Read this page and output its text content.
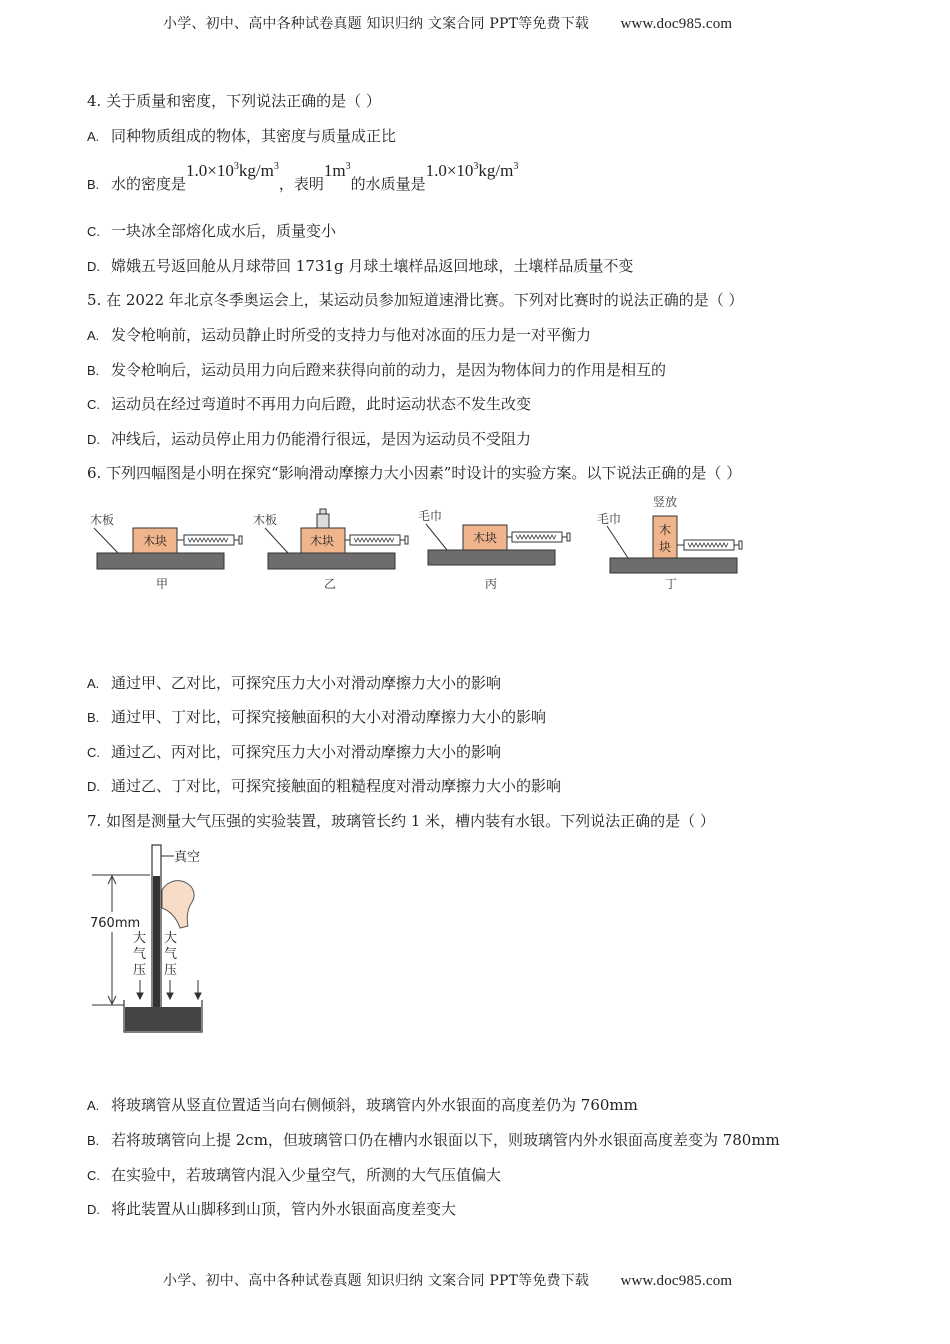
小学、初中、高中各种试卷真题 知识归纳 文案合同 PPT等免费下载 www.doc985.com
4. 关于质量和密度，下列说法正确的是（ ）
A. 同种物质组成的物体，其密度与质量成正比
B. 水的密度是$1.0\times 10^3kg/m^3$，表明$1m^3$的水质量是$1.0\times 10^3kg/m^3$
C. 一块冰全部熔化成水后，质量变小
D. 嫦娥五号返回舱从月球带回 1731g 月球土壤样品返回地球，土壤样品质量不变
5. 在 2022 年北京冬季奥运会上，某运动员参加短道速滑比赛。下列对比赛时的说法正确的是（ ）
A. 发令枪响前，运动员静止时所受的支持力与他对冰面的压力是一对平衡力
B. 发令枪响后，运动员用力向后蹬来获得向前的动力，是因为物体间力的作用是相互的
C. 运动员在经过弯道时不再用力向后蹬，此时运动状态不发生改变
D. 冲线后，运动员停止用力仍能滑行很远，是因为运动员不受阻力
6. 下列四幅图是小明在探究“影响滑动摩擦力大小因素”时设计的实验方案。以下说法正确的是（ ）
木板
木块
甲
木板
木块
乙
毛巾
木块
丙
毛巾
竖放
木
块
丁
A. 通过甲、乙对比，可探究压力大小对滑动摩擦力大小的影响
B. 通过甲、丁对比，可探究接触面积的大小对滑动摩擦力大小的影响
C. 通过乙、丙对比，可探究压力大小对滑动摩擦力大小的影响
D. 通过乙、丁对比，可探究接触面的粗糙程度对滑动摩擦力大小的影响
7. 如图是测量大气压强的实验装置，玻璃管长约 1 米，槽内装有水银。下列说法正确的是（ ）
真空
760mm
大
气
压
大
气
压
A. 将玻璃管从竖直位置适当向右侧倾斜，玻璃管内外水银面的高度差仍为 760mm
B. 若将玻璃管向上提 2cm，但玻璃管口仍在槽内水银面以下，则玻璃管内外水银面高度差变为 780mm
C. 在实验中，若玻璃管内混入少量空气，所测的大气压值偏大
D. 将此装置从山脚移到山顶，管内外水银面高度差变大
小学、初中、高中各种试卷真题 知识归纳 文案合同 PPT等免费下载 www.doc985.com
